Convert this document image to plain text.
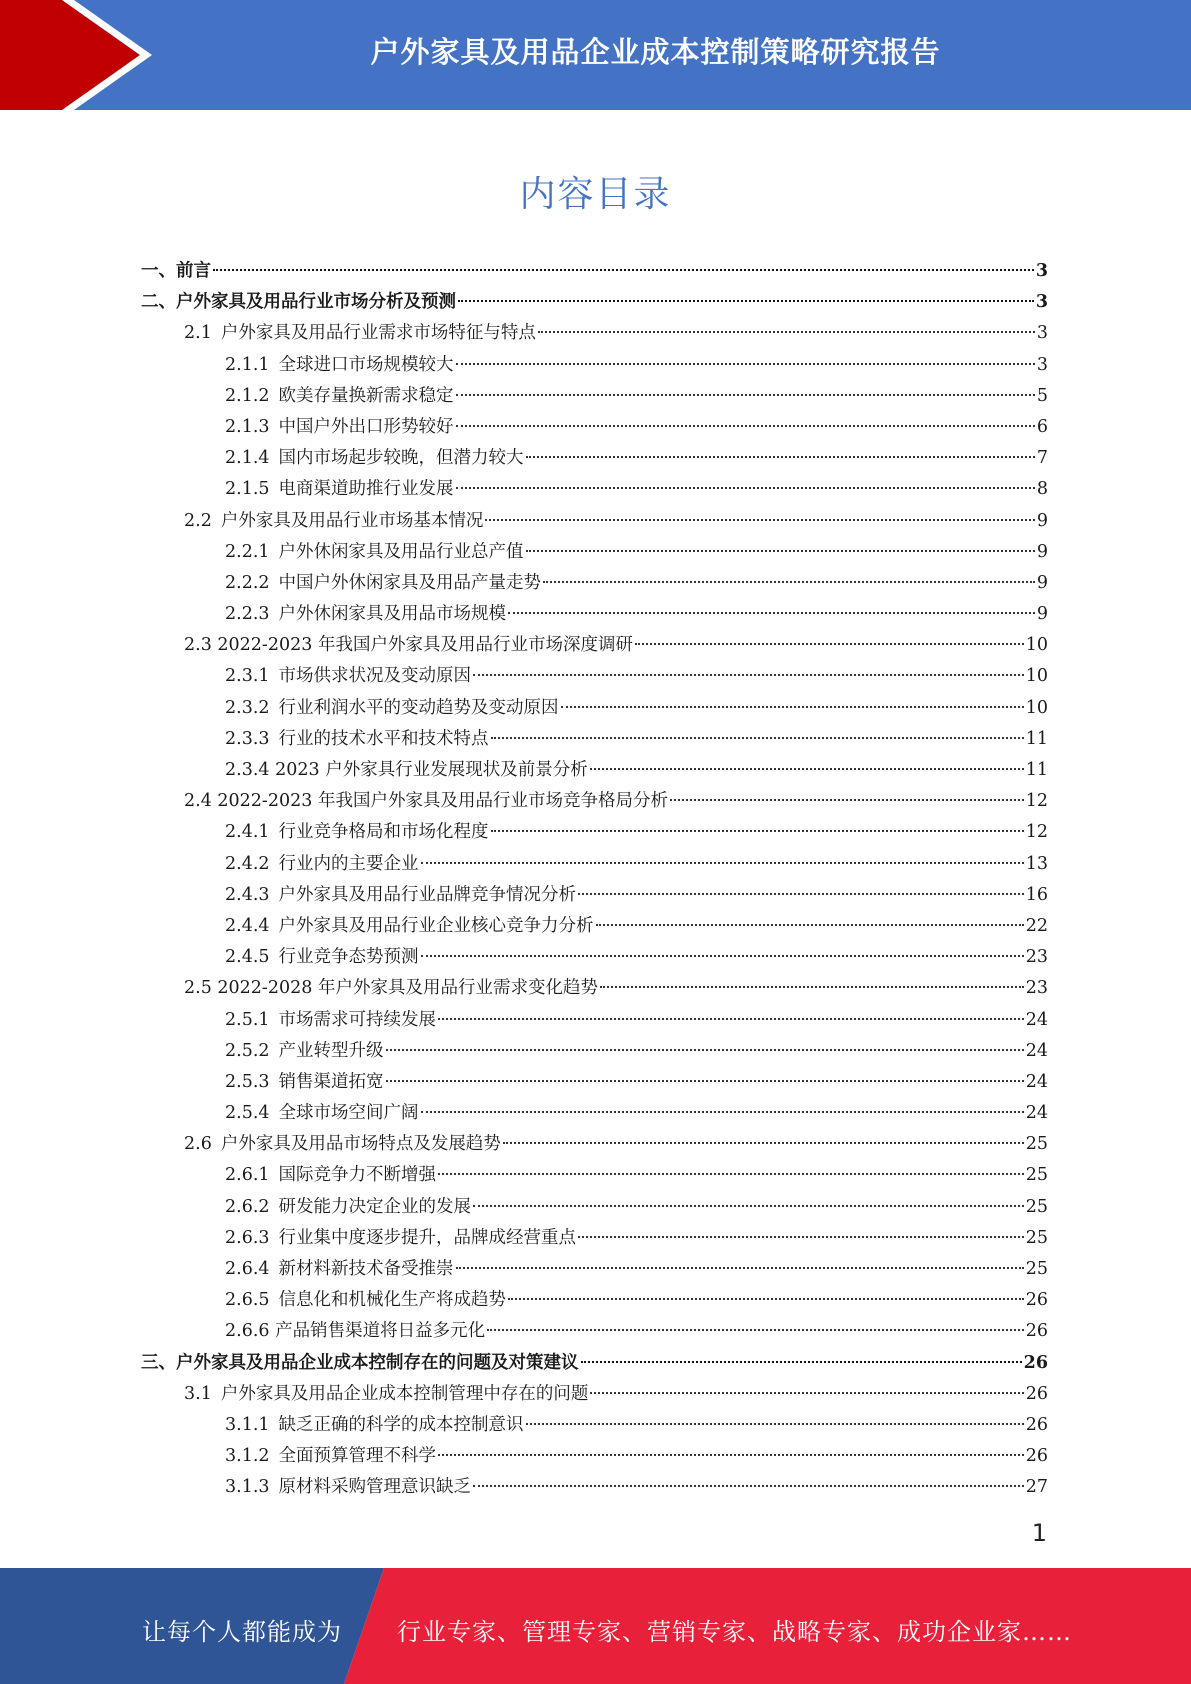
户外家具及用品企业成本控制策略研究报告
内容目录
一、 前言	3
二、 户外家具及用品行业市场分析及预测	3
2.1 户外家具及用品行业需求市场特征与特点	3
2.1.1 全球进口市场规模较大	3
2.1.2 欧美存量换新需求稳定	5
2.1.3 中国户外出口形势较好	6
2.1.4 国内市场起步较晚，但潜力较大	7
2.1.5 电商渠道助推行业发展	8
2.2 户外家具及用品行业市场基本情况	9
2.2.1 户外休闲家具及用品行业总产值	9
2.2.2 中国户外休闲家具及用品产量走势	9
2.2.3 户外休闲家具及用品市场规模	9
2.3 2022-2023 年我国户外家具及用品行业市场深度调研	10
2.3.1 市场供求状况及变动原因	10
2.3.2 行业利润水平的变动趋势及变动原因	10
2.3.3 行业的技术水平和技术特点	11
2.3.4 2023 户外家具行业发展现状及前景分析	11
2.4 2022-2023 年我国户外家具及用品行业市场竞争格局分析	12
2.4.1 行业竞争格局和市场化程度	12
2.4.2 行业内的主要企业	13
2.4.3 户外家具及用品行业品牌竞争情况分析	16
2.4.4 户外家具及用品行业企业核心竞争力分析	22
2.4.5 行业竞争态势预测	23
2.5 2022-2028 年户外家具及用品行业需求变化趋势	23
2.5.1 市场需求可持续发展	24
2.5.2 产业转型升级	24
2.5.3 销售渠道拓宽	24
2.5.4 全球市场空间广阔	24
2.6 户外家具及用品市场特点及发展趋势	25
2.6.1 国际竞争力不断增强	25
2.6.2 研发能力决定企业的发展	25
2.6.3 行业集中度逐步提升，品牌成经营重点	25
2.6.4 新材料新技术备受推崇	25
2.6.5 信息化和机械化生产将成趋势	26
2.6.6 产品销售渠道将日益多元化	26
三、 户外家具及用品企业成本控制存在的问题及对策建议	26
3.1 户外家具及用品企业成本控制管理中存在的问题	26
3.1.1 缺乏正确的科学的成本控制意识	26
3.1.2 全面预算管理不科学	26
3.1.3 原材料采购管理意识缺乏	27
1
让每个人都能成为 行业专家、管理专家、营销专家、战略专家、成功企业家……
